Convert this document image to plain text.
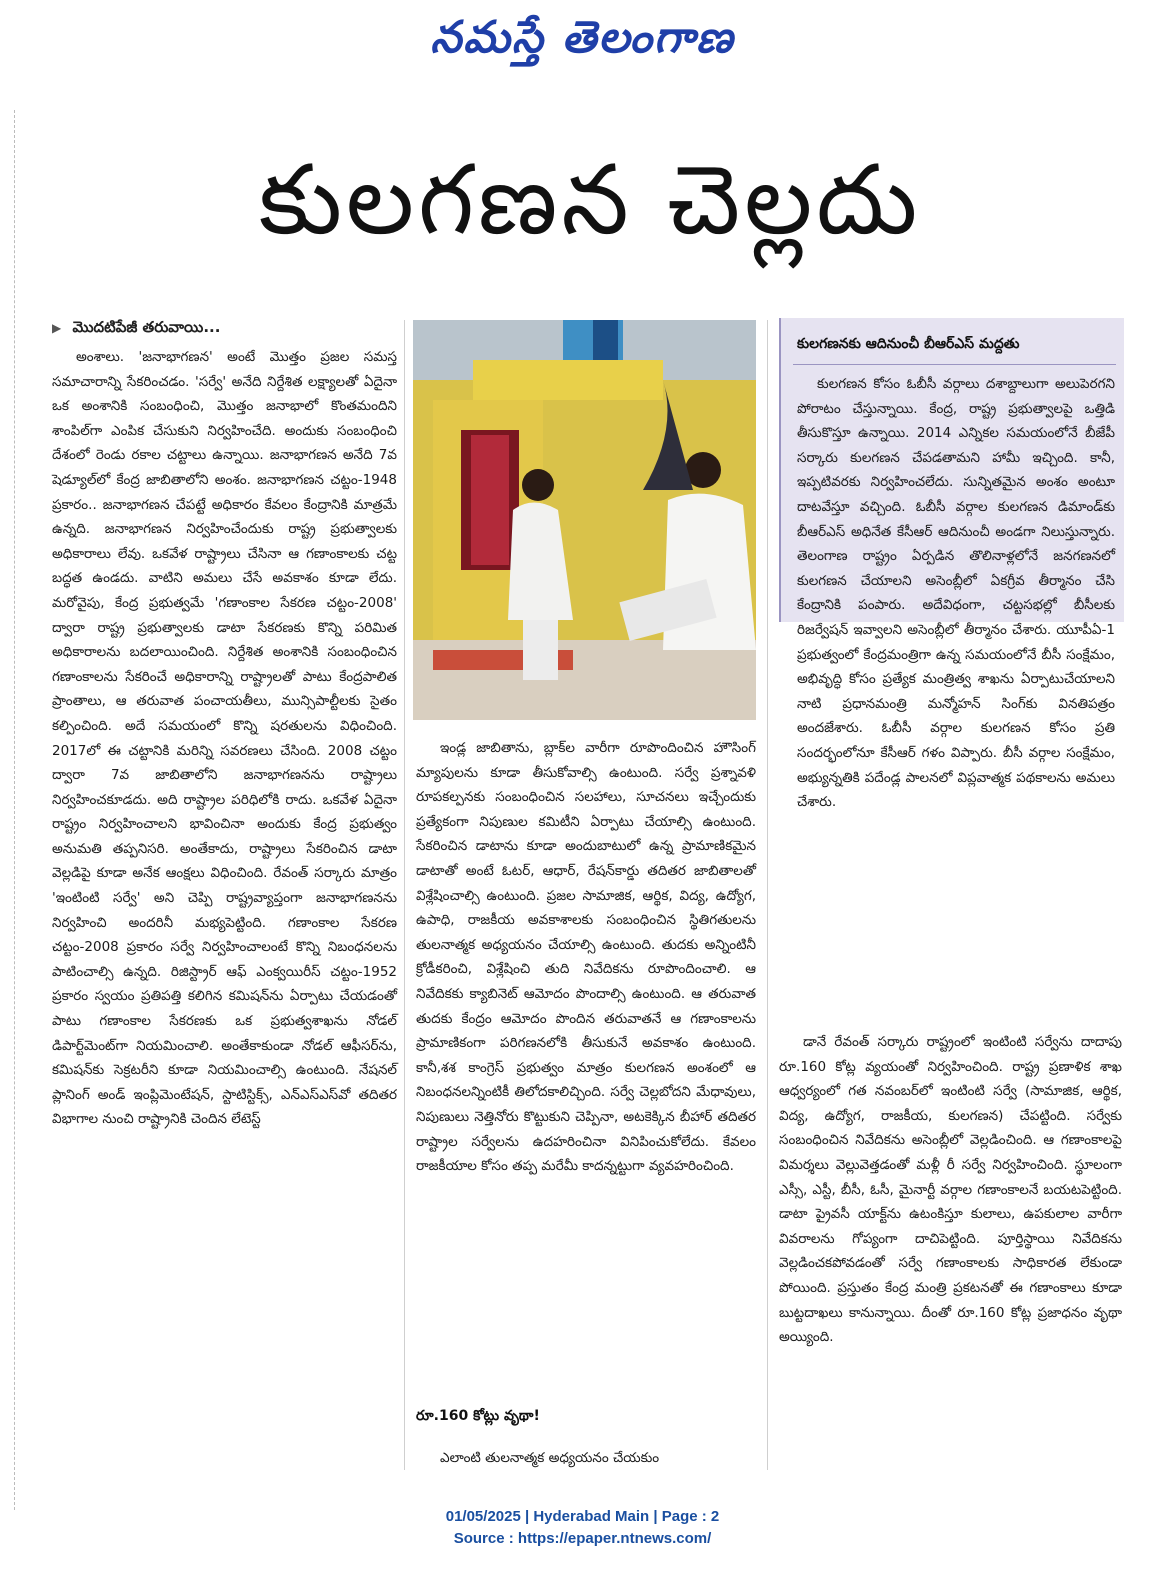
నమస్తే తెలంగాణ
కులగణన చెల్లదు
▶ మొదటిపేజీ తరువాయి...

అంశాలు. 'జనాభాగణన' అంటే మొత్తం ప్రజల సమస్త సమాచారాన్ని సేకరించడం. 'సర్వే' అనేది నిర్దేశిత లక్ష్యాలతో ఏదైనా ఒక అంశానికి సంబంధించి, మొత్తం జనాభాలో కొంతమందిని శాంపిల్‌గా ఎంపిక చేసుకుని నిర్వహించేది. అందుకు సంబంధించి దేశంలో రెండు రకాల చట్టాలు ఉన్నాయి. జనాభాగణన అనేది 7వ షెడ్యూల్‌లో కేంద్ర జాబితాలోని అంశం. జనాభాగణన చట్టం-1948 ప్రకారం.. జనాభాగణన చేపట్టే అధికారం కేవలం కేంద్రానికి మాత్రమే ఉన్నది. జనాభాగణన నిర్వహించేందుకు రాష్ట్ర ప్రభుత్వాలకు అధికారాలు లేవు. ఒకవేళ రాష్ట్రాలు చేసినా ఆ గణాంకాలకు చట్ట బద్ధత ఉండదు. వాటిని అమలు చేసే అవకాశం కూడా లేదు. మరోవైపు, కేంద్ర ప్రభుత్వమే 'గణాంకాల సేకరణ చట్టం-2008' ద్వారా రాష్ట్ర ప్రభుత్వాలకు డాటా సేకరణకు కొన్ని పరిమిత అధికారాలను బదలాయించింది. నిర్దేశిత అంశానికి సంబంధించిన గణాంకాలను సేకరించే అధికారాన్ని రాష్ట్రాలతో పాటు కేంద్రపాలిత ప్రాంతాలు, ఆ తరువాత పంచాయతీలు, మున్సిపాల్టీలకు సైతం కల్పించింది. అదే సమయంలో కొన్ని షరతులను విధించింది. 2017లో ఈ చట్టానికి మరిన్ని సవరణలు చేసింది. 2008 చట్టం ద్వారా 7వ జాబితాలోని జనాభాగణనను రాష్ట్రాలు నిర్వహించకూడదు. అది రాష్ట్రాల పరిధిలోకి రాదు. ఒకవేళ ఏదైనా రాష్ట్రం నిర్వహించాలని భావించినా అందుకు కేంద్ర ప్రభుత్వం అనుమతి తప్పనిసరి. అంతేకాదు, రాష్ట్రాలు సేకరించిన డాటా వెల్లడిపై కూడా అనేక ఆంక్షలు విధించింది. రేవంత్ సర్కారు మాత్రం 'ఇంటింటి సర్వే' అని చెప్పి రాష్ట్రవ్యాప్తంగా జనాభాగణనను నిర్వహించి అందరినీ మభ్యపెట్టింది. గణాంకాల సేకరణ చట్టం-2008 ప్రకారం సర్వే నిర్వహించాలంటే కొన్ని నిబంధనలను పాటించాల్సి ఉన్నది. రిజిస్ట్రార్ ఆఫ్ ఎంక్వయిరీస్ చట్టం-1952 ప్రకారం స్వయం ప్రతిపత్తి కలిగిన కమిషన్‌ను ఏర్పాటు చేయడంతో పాటు గణాంకాల సేకరణకు ఒక ప్రభుత్వశాఖను నోడల్ డిపార్ట్‌మెంట్‌గా నియమించాలి. అంతేకాకుండా నోడల్ ఆఫీసర్‌ను, కమిషన్‌కు సెక్రటరీని కూడా నియమించాల్సి ఉంటుంది. నేషనల్ ప్లానింగ్ అండ్ ఇంప్లిమెంటేషన్, స్టాటిస్టిక్స్, ఎన్ఎస్ఎస్‌వో తదితర విభాగాల నుంచి రాష్ట్రానికి చెందిన లేటెస్ట్

ఇండ్ల జాబితాను, బ్లాక్‌ల వారీగా రూపొందించిన హౌసింగ్ మ్యాపులను కూడా తీసుకోవాల్సి ఉంటుంది. సర్వే ప్రశ్నావళి రూపకల్పనకు సంబంధించిన సలహాలు, సూచనలు ఇచ్చేందుకు ప్రత్యేకంగా నిపుణుల కమిటీని ఏర్పాటు చేయాల్సి ఉంటుంది. సేకరించిన డాటాను కూడా అందుబాటులో ఉన్న ప్రామాణికమైన డాటాతో అంటే ఓటర్, ఆధార్, రేషన్‌కార్డు తదితర జాబితాలతో విశ్లేషించాల్సి ఉంటుంది. ప్రజల సామాజిక, ఆర్థిక, విద్య, ఉద్యోగ, ఉపాధి, రాజకీయ అవకాశాలకు సంబంధించిన స్థితిగతులను తులనాత్మక అధ్యయనం చేయాల్సి ఉంటుంది. తుదకు అన్నింటినీ క్రోడీకరించి, విశ్లేషించి తుది నివేదికను రూపొందించాలి. ఆ నివేదికకు క్యాబినెట్ ఆమోదం పొందాల్సి ఉంటుంది. ఆ తరువాత తుదకు కేంద్రం ఆమోదం పొందిన తరువాతనే ఆ గణాంకాలను ప్రామాణికంగా పరిగణనలోకి తీసుకునే అవకాశం ఉంటుంది. కానీ,శశ కాంగ్రెస్ ప్రభుత్వం మాత్రం కులగణన అంశంలో ఆ నిబంధనలన్నింటికీ తిలోదకాలిచ్చింది. సర్వే చెల్లబోదని మేధావులు, నిపుణులు నెత్తినోరు కొట్టుకుని చెప్పినా, అటకెక్కిన బీహార్ తదితర రాష్ట్రాల సర్వేలను ఉదహరించినా వినిపించుకోలేదు. కేవలం రాజకీయాల కోసం తప్ప మరేమీ కాదన్నట్టుగా వ్యవహరించింది.

రూ.160 కోట్లు వృథా!

ఎలాంటి తులనాత్మక అధ్యయనం చేయకుం

కులగణనకు ఆదినుంచీ బీఆర్ఎస్ మద్దతు

కులగణన కోసం ఓబీసీ వర్గాలు దశాబ్దాలుగా అలుపెరగని పోరాటం చేస్తున్నాయి. కేంద్ర, రాష్ట్ర ప్రభుత్వాలపై ఒత్తిడి తీసుకొస్తూ ఉన్నాయి. 2014 ఎన్నికల సమయంలోనే బీజేపీ సర్కారు కులగణన చేపడతామని హామీ ఇచ్చింది. కానీ, ఇప్పటివరకు నిర్వహించలేదు. సున్నితమైన అంశం అంటూ దాటవేస్తూ వచ్చింది. ఓబీసీ వర్గాల కులగణన డిమాండ్‌కు బీఆర్ఎస్ అధినేత కేసీఆర్ ఆదినుంచీ అండగా నిలుస్తున్నారు. తెలంగాణ రాష్ట్రం ఏర్పడిన తొలినాళ్లలోనే జనగణనలో కులగణన చేయాలని అసెంబ్లీలో ఏకగ్రీవ తీర్మానం చేసి కేంద్రానికి పంపారు. అదేవిధంగా, చట్టసభల్లో బీసీలకు రిజర్వేషన్ ఇవ్వాలని అసెంబ్లీలో తీర్మానం చేశారు. యూపీఏ-1 ప్రభుత్వంలో కేంద్రమంత్రిగా ఉన్న సమయంలోనే బీసీ సంక్షేమం, అభివృద్ధి కోసం ప్రత్యేక మంత్రిత్వ శాఖను ఏర్పాటుచేయాలని నాటి ప్రధానమంత్రి మన్మోహన్ సింగ్‌కు వినతిపత్రం అందజేశారు. ఓబీసీ వర్గాల కులగణన కోసం ప్రతి సందర్భంలోనూ కేసీఆర్ గళం విప్పారు. బీసీ వర్గాల సంక్షేమం, అభ్యున్నతికి పదేండ్ల పాలనలో విప్లవాత్మక పథకాలను అమలు చేశారు.

డానే రేవంత్ సర్కారు రాష్ట్రంలో ఇంటింటి సర్వేను దాదాపు రూ.160 కోట్ల వ్యయంతో నిర్వహించింది. రాష్ట్ర ప్రణాళిక శాఖ ఆధ్వర్యంలో గత నవంబర్‌లో ఇంటింటి సర్వే (సామాజిక, ఆర్థిక, విద్య, ఉద్యోగ, రాజకీయ, కులగణన) చేపట్టింది. సర్వేకు సంబంధించిన నివేదికను అసెంబ్లీలో వెల్లడించింది. ఆ గణాంకాలపై విమర్శలు వెల్లువెత్తడంతో మళ్లీ రీ సర్వే నిర్వహించింది. స్థూలంగా ఎస్సీ, ఎస్టీ, బీసీ, ఓసీ, మైనార్టీ వర్గాల గణాంకాలనే బయటపెట్టింది. డాటా ప్రైవసీ యాక్ట్‌ను ఉటంకిస్తూ కులాలు, ఉపకులాల వారీగా వివరాలను గోప్యంగా దాచిపెట్టింది. పూర్తిస్థాయి నివేదికను వెల్లడించకపోవడంతో సర్వే గణాంకాలకు సాధికారత లేకుండా పోయింది. ప్రస్తుతం కేంద్ర మంత్రి ప్రకటనతో ఈ గణాంకాలు కూడా బుట్టదాఖలు కానున్నాయి. దీంతో రూ.160 కోట్ల ప్రజాధనం వృథా అయ్యింది.

01/05/2025 | Hyderabad Main | Page : 2
Source : https://epaper.ntnews.com/
